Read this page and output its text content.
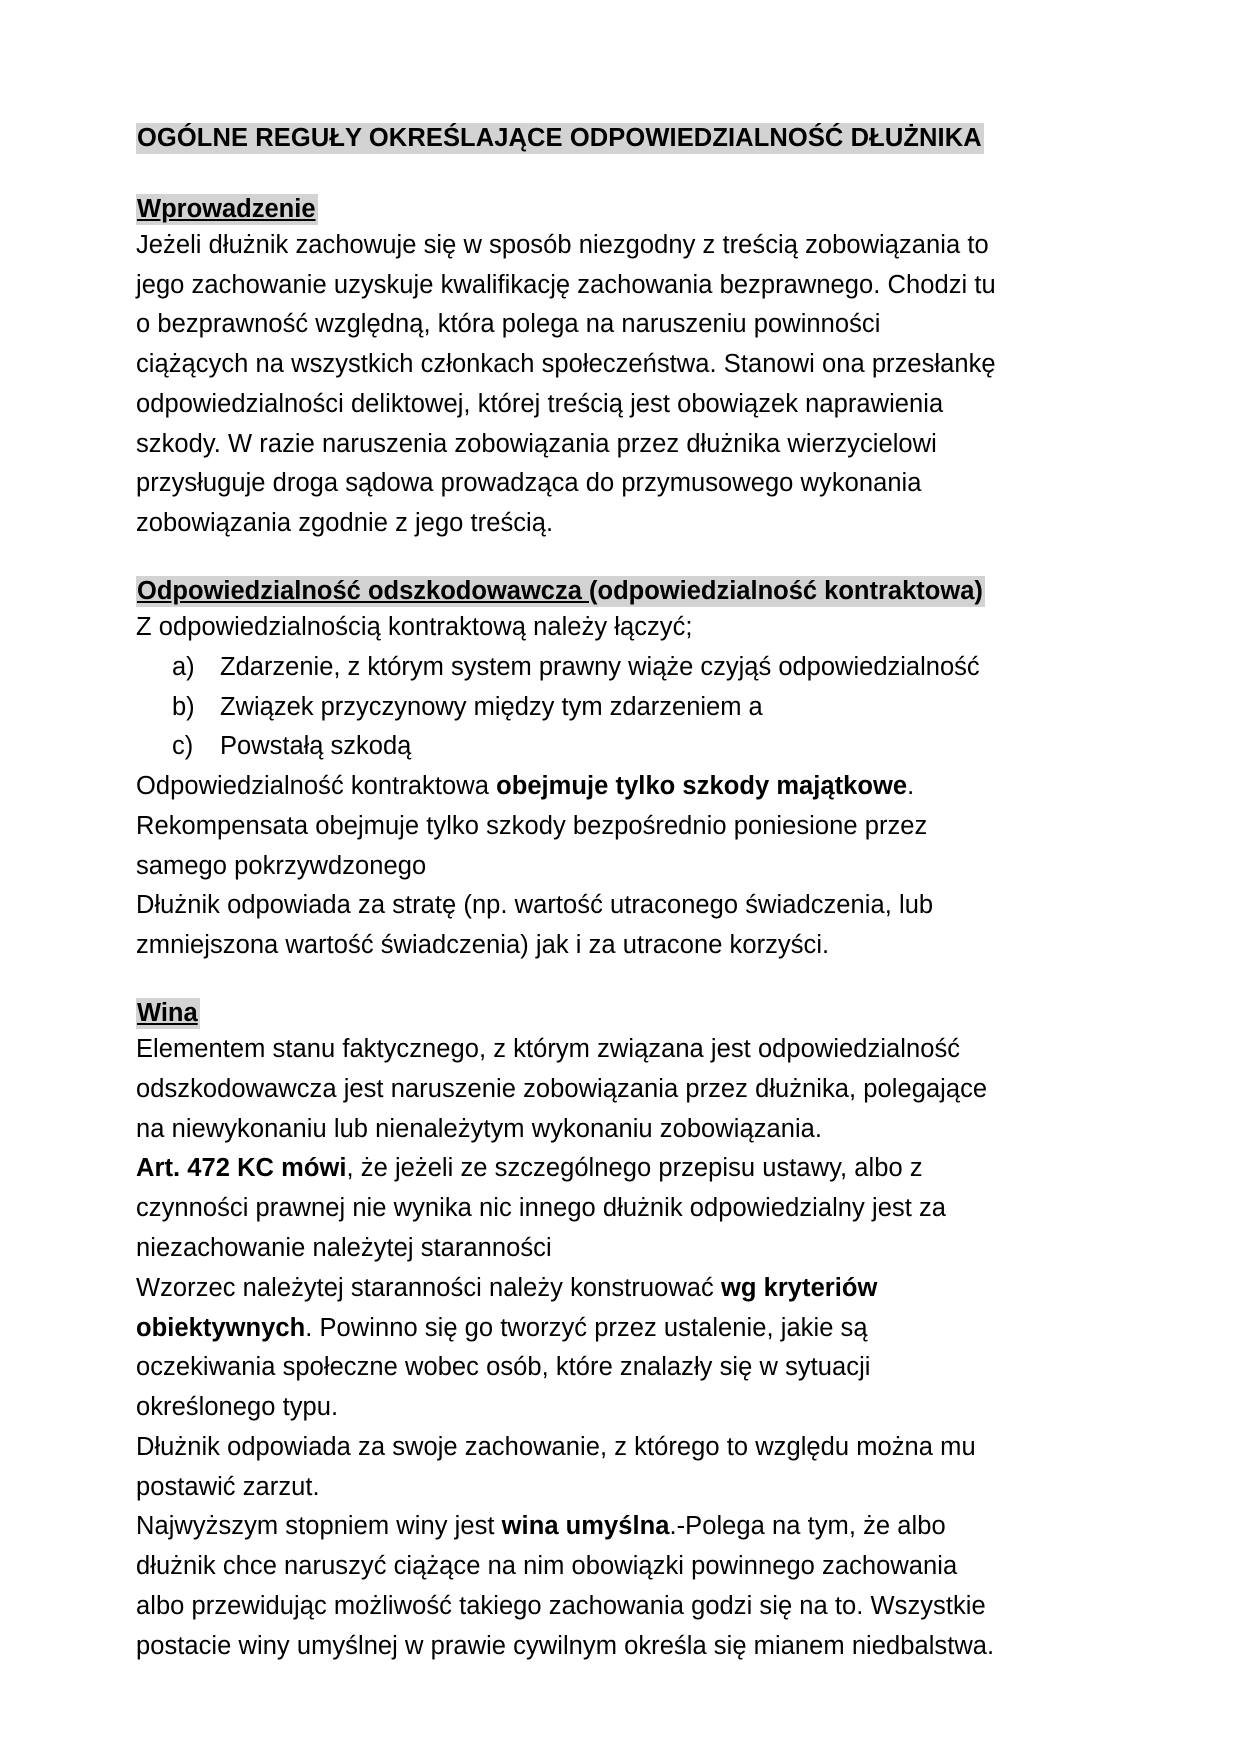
OGÓLNE REGUŁY OKREŚLAJĄCE ODPOWIEDZIALNOŚĆ DŁUŻNIKA
Wprowadzenie

Jeżeli dłużnik zachowuje się w sposób niezgodny z treścią zobowiązania to jego zachowanie uzyskuje kwalifikację zachowania bezprawnego. Chodzi tu o bezprawność względną, która polega na naruszeniu powinności ciążących na wszystkich członkach społeczeństwa. Stanowi ona przesłankę odpowiedzialności deliktowej, której treścią jest obowiązek naprawienia szkody. W razie naruszenia zobowiązania przez dłużnika wierzycielowi przysługuje droga sądowa prowadząca do przymusowego wykonania zobowiązania zgodnie z jego treścią.

Odpowiedzialność odszkodowawcza (odpowiedzialność kontraktowa)

Z odpowiedzialnością kontraktową należy łączyć;

a) Zdarzenie, z którym system prawny wiąże czyjąś odpowiedzialność
b) Związek przyczynowy między tym zdarzeniem a
c)	Powstałą szkodą

Odpowiedzialność kontraktowa obejmuje tylko szkody majątkowe. Rekompensata obejmuje tylko szkody bezpośrednio poniesione przez samego pokrzywdzonego

Dłużnik odpowiada za stratę (np. wartość utraconego świadczenia, lub zmniejszona wartość świadczenia) jak i za utracone korzyści.

Wina

Elementem stanu faktycznego, z którym związana jest odpowiedzialność odszkodowawcza jest naruszenie zobowiązania przez dłużnika, polegające na niewykonaniu lub nienależytym wykonaniu zobowiązania.

Art. 472 KC mówi, że jeżeli ze szczególnego przepisu ustawy, albo z czynności prawnej nie wynika nic innego dłużnik odpowiedzialny jest za niezachowanie należytej staranności

Wzorzec należytej staranności należy konstruować wg kryteriów obiektywnych. Powinno się go tworzyć przez ustalenie, jakie są oczekiwania społeczne wobec osób, które znalazły się w sytuacji określonego typu.

Dłużnik odpowiada za swoje zachowanie, z którego to względu można mu postawić zarzut.

Najwyższym stopniem winy jest wina umyślna.-Polega na tym, że albo dłużnik chce naruszyć ciążące na nim obowiązki powinnego zachowania albo przewidując możliwość takiego zachowania godzi się na to. Wszystkie postacie winy umyślnej w prawie cywilnym określa się mianem niedbalstwa.
